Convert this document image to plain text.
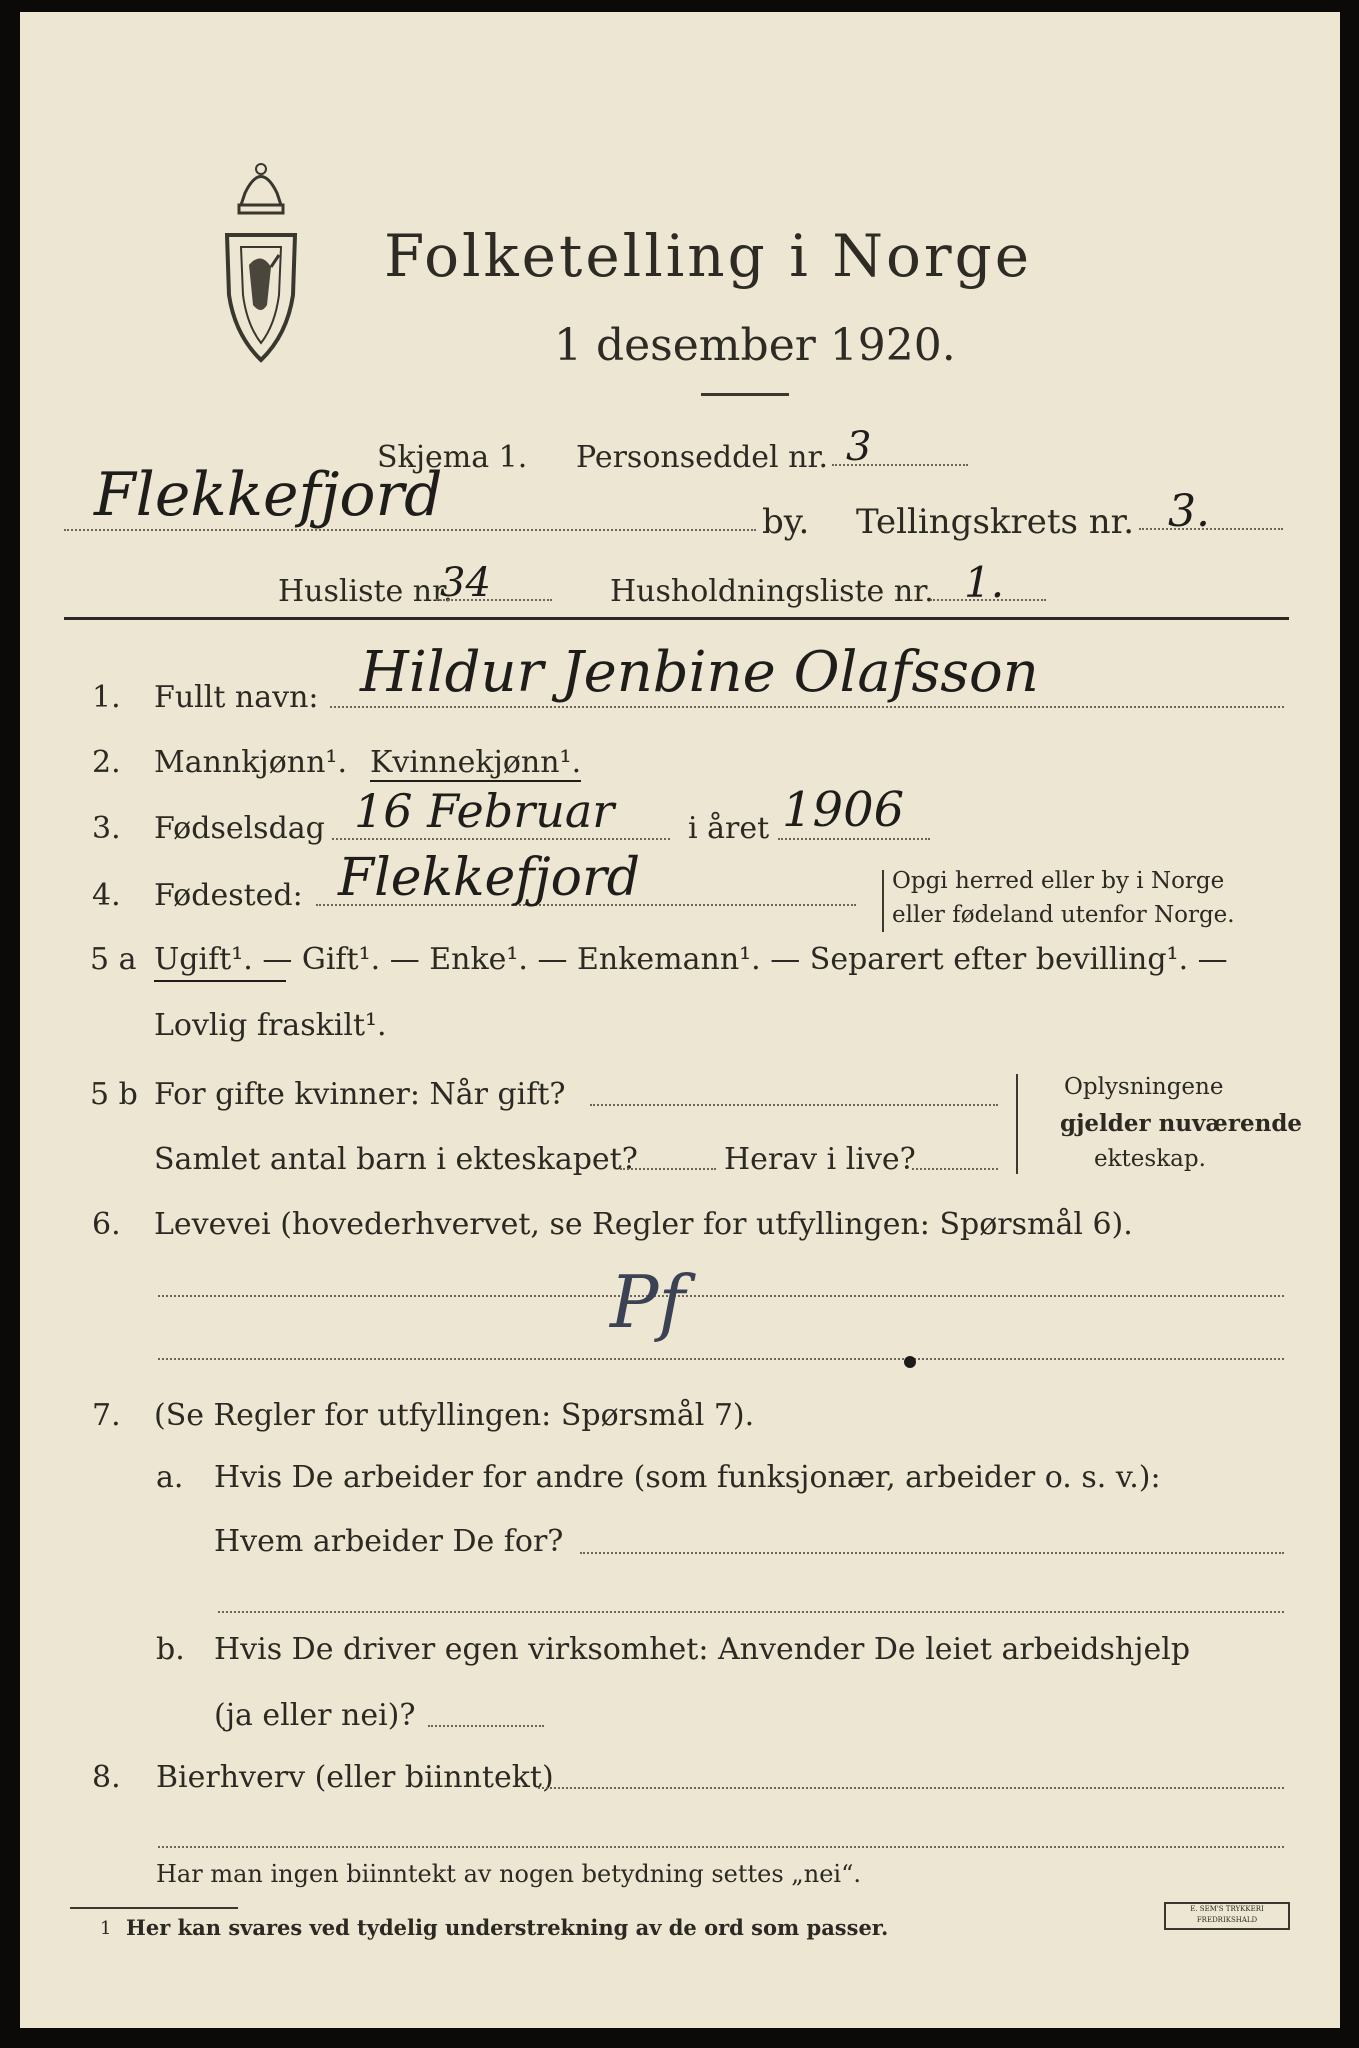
Folketelling i Norge
1 desember 1920.
Skjema 1. Personseddel nr. 3
Flekkefjord	by. Tellingskrets nr. 3.
Husliste nr.
34	Husholdningsliste nr. 1.
1. Fullt navn: Hildur Jenbine Olafsson
2. Mannkjønn¹. Kvinnekjønn¹.
3. Fødselsdag 16 Februar i året 1906
4. Fødested: Flekkefjord	Opgi herred eller by i Norge
eller fødeland utenfor Norge.
5 a Ugift¹. — Gift¹. — Enke¹. — Enkemann¹. — Separert efter bevilling¹. —
Lovlig fraskilt¹.
5 b For gifte kvinner: Når gift?
Samlet antal barn i ekteskapet?	Herav i live?
Oplysningene
gjelder nuværende
ekteskap.
6. Levevei (hovederhvervet, se Regler for utfyllingen: Spørsmål 6).
Pf
7. (Se Regler for utfyllingen: Spørsmål 7).
a. Hvis De arbeider for andre (som funksjonær, arbeider o. s. v.):
Hvem arbeider De for?
b. Hvis De driver egen virksomhet: Anvender De leiet arbeidshjelp
(ja eller nei)?
8. Bierhverv (eller biinntekt)
Har man ingen biinntekt av nogen betydning settes „nei“.
1 Her kan svares ved tydelig understrekning av de ord som passer.
E. SEM'S TRYKKERI
FREDRIKSHALD
